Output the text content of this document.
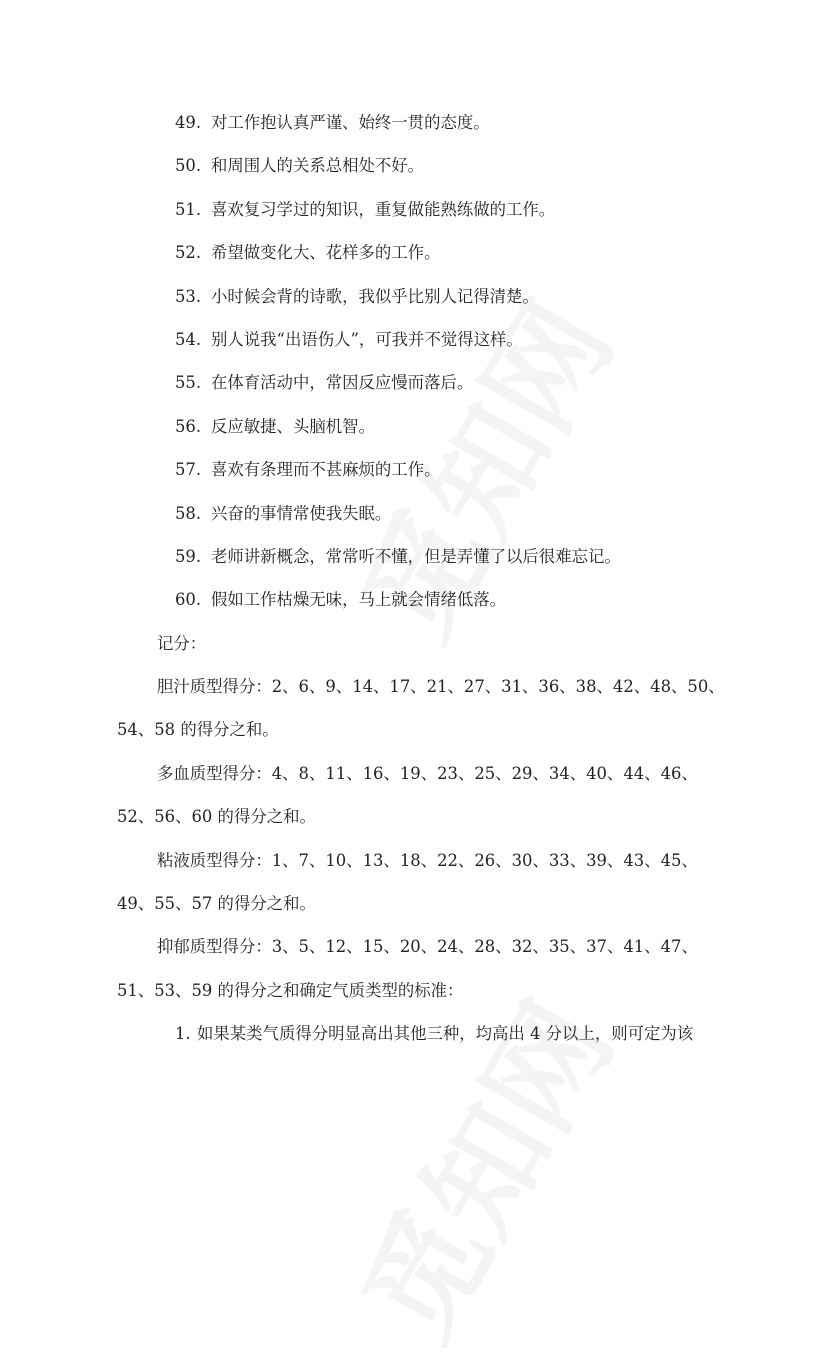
49. 对工作抱认真严谨、始终一贯的态度。
50. 和周围人的关系总相处不好。
51. 喜欢复习学过的知识，重复做能熟练做的工作。
52. 希望做变化大、花样多的工作。
53. 小时候会背的诗歌，我似乎比别人记得清楚。
54. 别人说我“出语伤人”，可我并不觉得这样。
55. 在体育活动中，常因反应慢而落后。
56. 反应敏捷、头脑机智。
57. 喜欢有条理而不甚麻烦的工作。
58. 兴奋的事情常使我失眠。
59. 老师讲新概念，常常听不懂，但是弄懂了以后很难忘记。
60. 假如工作枯燥无味，马上就会情绪低落。
记分：
胆汁质型得分：2、6、9、14、17、21、27、31、36、38、42、48、50、
54、58 的得分之和。
多血质型得分：4、8、11、16、19、23、25、29、34、40、44、46、
52、56、60 的得分之和。
粘液质型得分：1、7、10、13、18、22、26、30、33、39、43、45、
49、55、57 的得分之和。
抑郁质型得分：3、5、12、15、20、24、28、32、35、37、41、47、
51、53、59 的得分之和确定气质类型的标准：
1. 如果某类气质得分明显高出其他三种，均高出 4 分以上，则可定为该
